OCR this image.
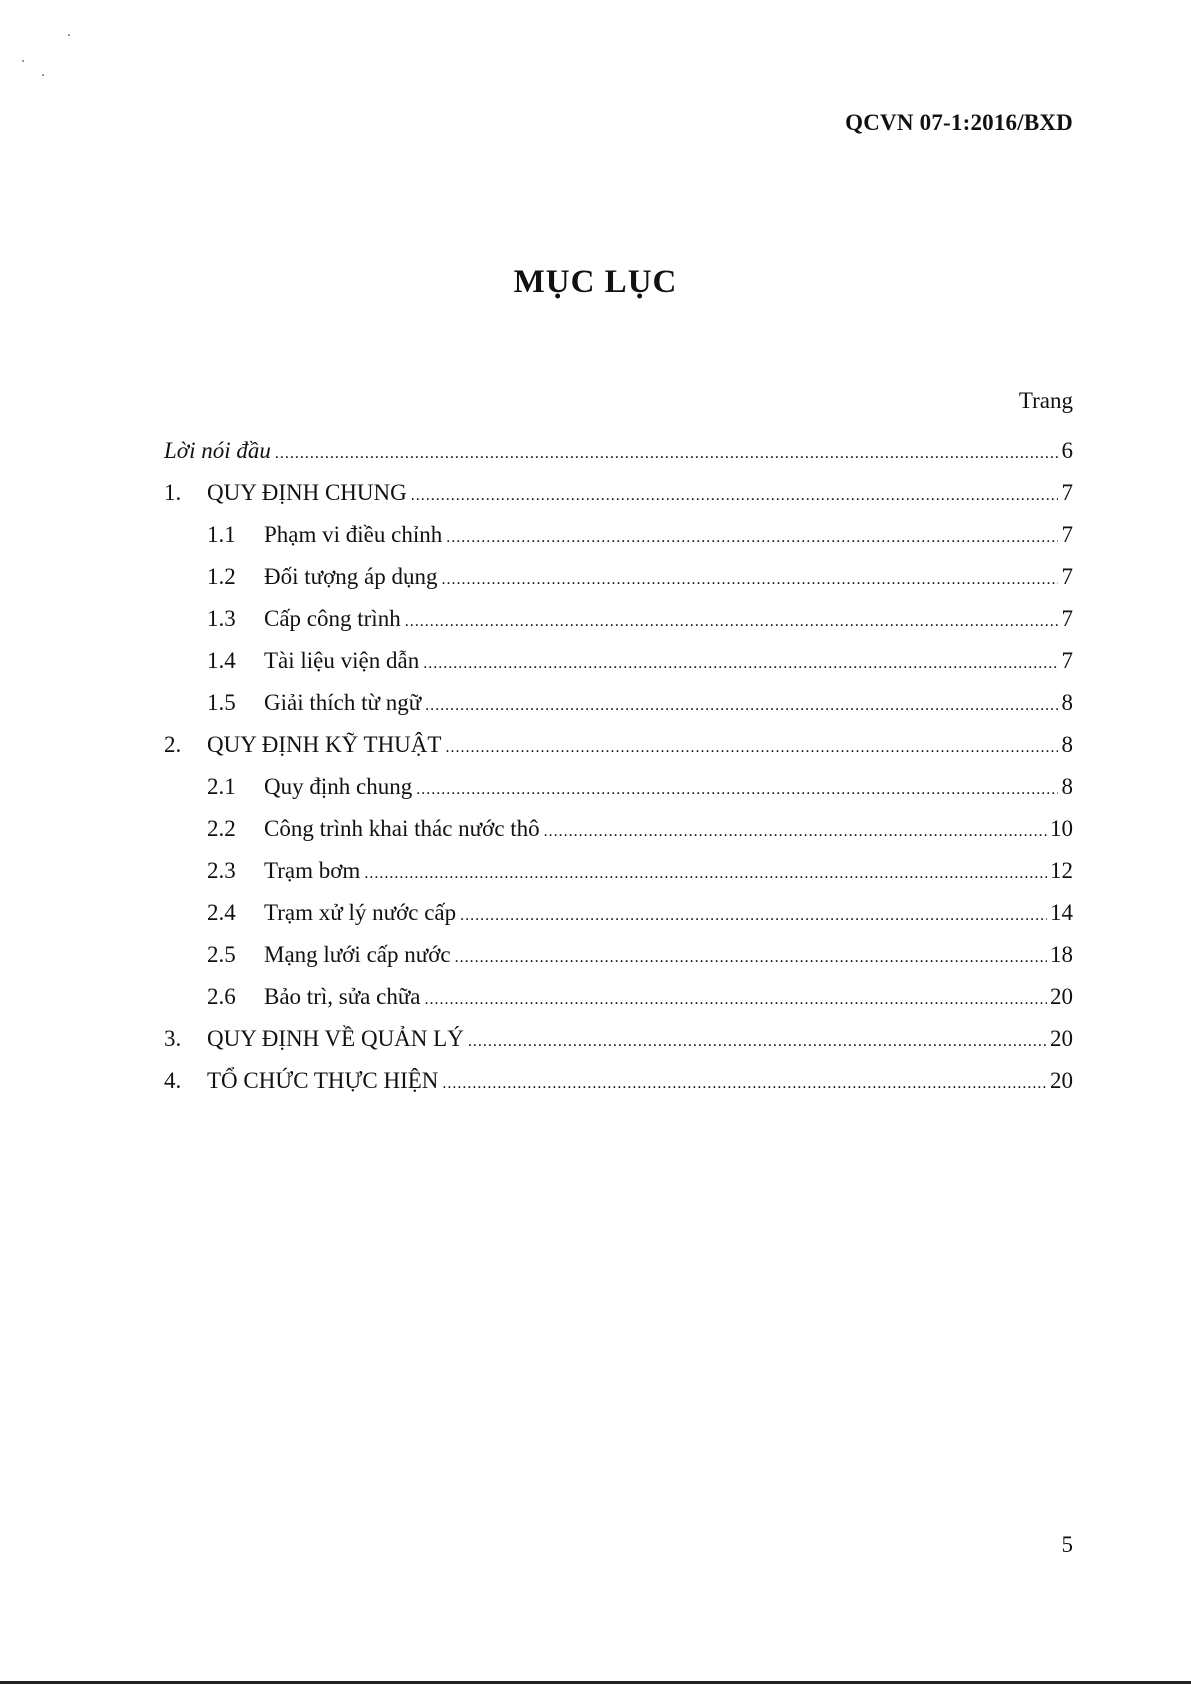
QCVN 07-1:2016/BXD
MỤC LỤC
Trang
Lời nói đầu .....	6
1.	QUY ĐỊNH CHUNG .....	7
1.1	Phạm vi điều chỉnh .....	7
1.2	Đối tượng áp dụng .....	7
1.3	Cấp công trình .....	7
1.4	Tài liệu viện dẫn .....	7
1.5	Giải thích từ ngữ .....	8
2.	QUY ĐỊNH KỸ THUẬT .....	8
2.1	Quy định chung .....	8
2.2	Công trình khai thác nước thô .....	10
2.3	Trạm bơm .....	12
2.4	Trạm xử lý nước cấp .....	14
2.5	Mạng lưới cấp nước .....	18
2.6	Bảo trì, sửa chữa .....	20
3.	QUY ĐỊNH VỀ QUẢN LÝ .....	20
4.	TỔ CHỨC THỰC HIỆN .....	20
5
